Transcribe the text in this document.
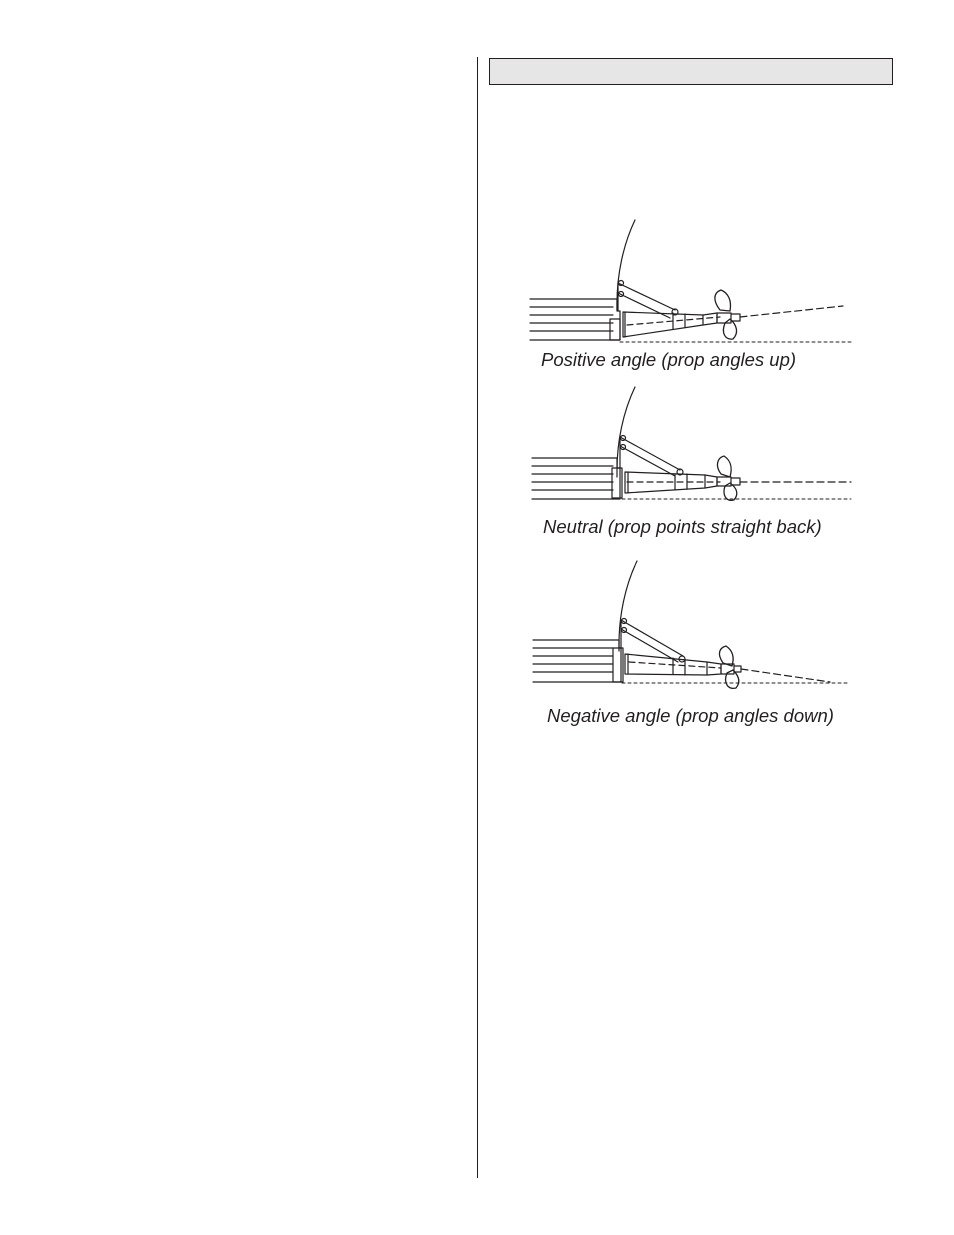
Positive angle (prop angles up)
Neutral (prop points straight back)
Negative angle (prop angles down)
